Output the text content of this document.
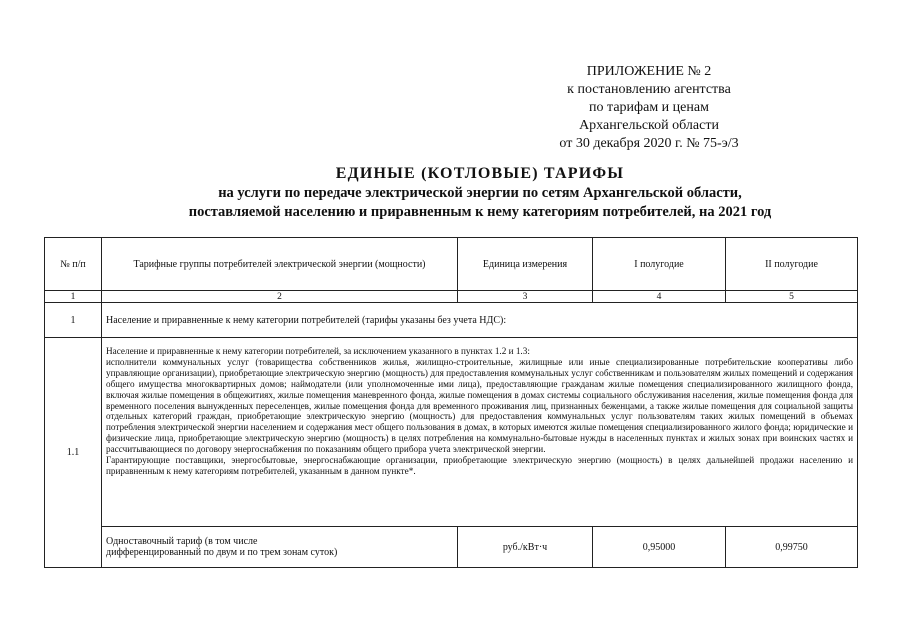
ПРИЛОЖЕНИЕ № 2
к постановлению агентства
по тарифам и ценам
Архангельской области
от 30 декабря 2020 г. № 75-э/3
ЕДИНЫЕ (КОТЛОВЫЕ) ТАРИФЫ
на услуги по передаче электрической энергии по сетям Архангельской области,
поставляемой населению и приравненным к нему категориям потребителей, на 2021 год
№ п/п	Тарифные группы потребителей электрической энергии (мощности)	Единица измерения	I полугодие	II полугодие
1	2	3	4	5
1	Население и приравненные к нему категории потребителей (тарифы указаны без учета НДС):			
1.1	Население и приравненные к нему категории потребителей, за исключением указанного в пунктах 1.2 и 1.3:

исполнители коммунальных услуг (товарищества собственников жилья, жилищно-строительные, жилищные или иные специализированные потребительские кооперативы либо управляющие организации), приобретающие электрическую энергию (мощность) для предоставления коммунальных услуг собственникам и пользователям жилых помещений и содержания общего имущества многоквартирных домов; наймодатели (или уполномоченные ими лица), предоставляющие гражданам жилые помещения специализированного жилищного фонда, включая жилые помещения в общежитиях, жилые помещения маневренного фонда, жилые помещения в домах системы социального обслуживания населения, жилые помещения фонда для временного поселения вынужденных переселенцев, жилые помещения фонда для временного проживания лиц, признанных беженцами, а также жилые помещения для социальной защиты отдельных категорий граждан, приобретающие электрическую энергию (мощность) для предоставления коммунальных услуг пользователям таких жилых помещений в объемах потребления электрической энергии населением и содержания мест общего пользования в домах, в которых имеются жилые помещения специализированного жилого фонда; юридические и физические лица, приобретающие электрическую энергию (мощность) в целях потребления на коммунально-бытовые нужды в населенных пунктах и жилых зонах при воинских частях и рассчитывающиеся по договору энергоснабжения по показаниям общего прибора учета электрической энергии.

Гарантирующие поставщики, энергосбытовые, энергоснабжающие организации, приобретающие электрическую энергию (мощность) в целях дальнейшей продажи населению и приравненным к нему категориям потребителей, указанным в данном пункте*.			

	Одноставочный тариф (в том числе
дифференцированный по двум и по трем зонам суток)	руб./кВт·ч	0,95000	0,99750
